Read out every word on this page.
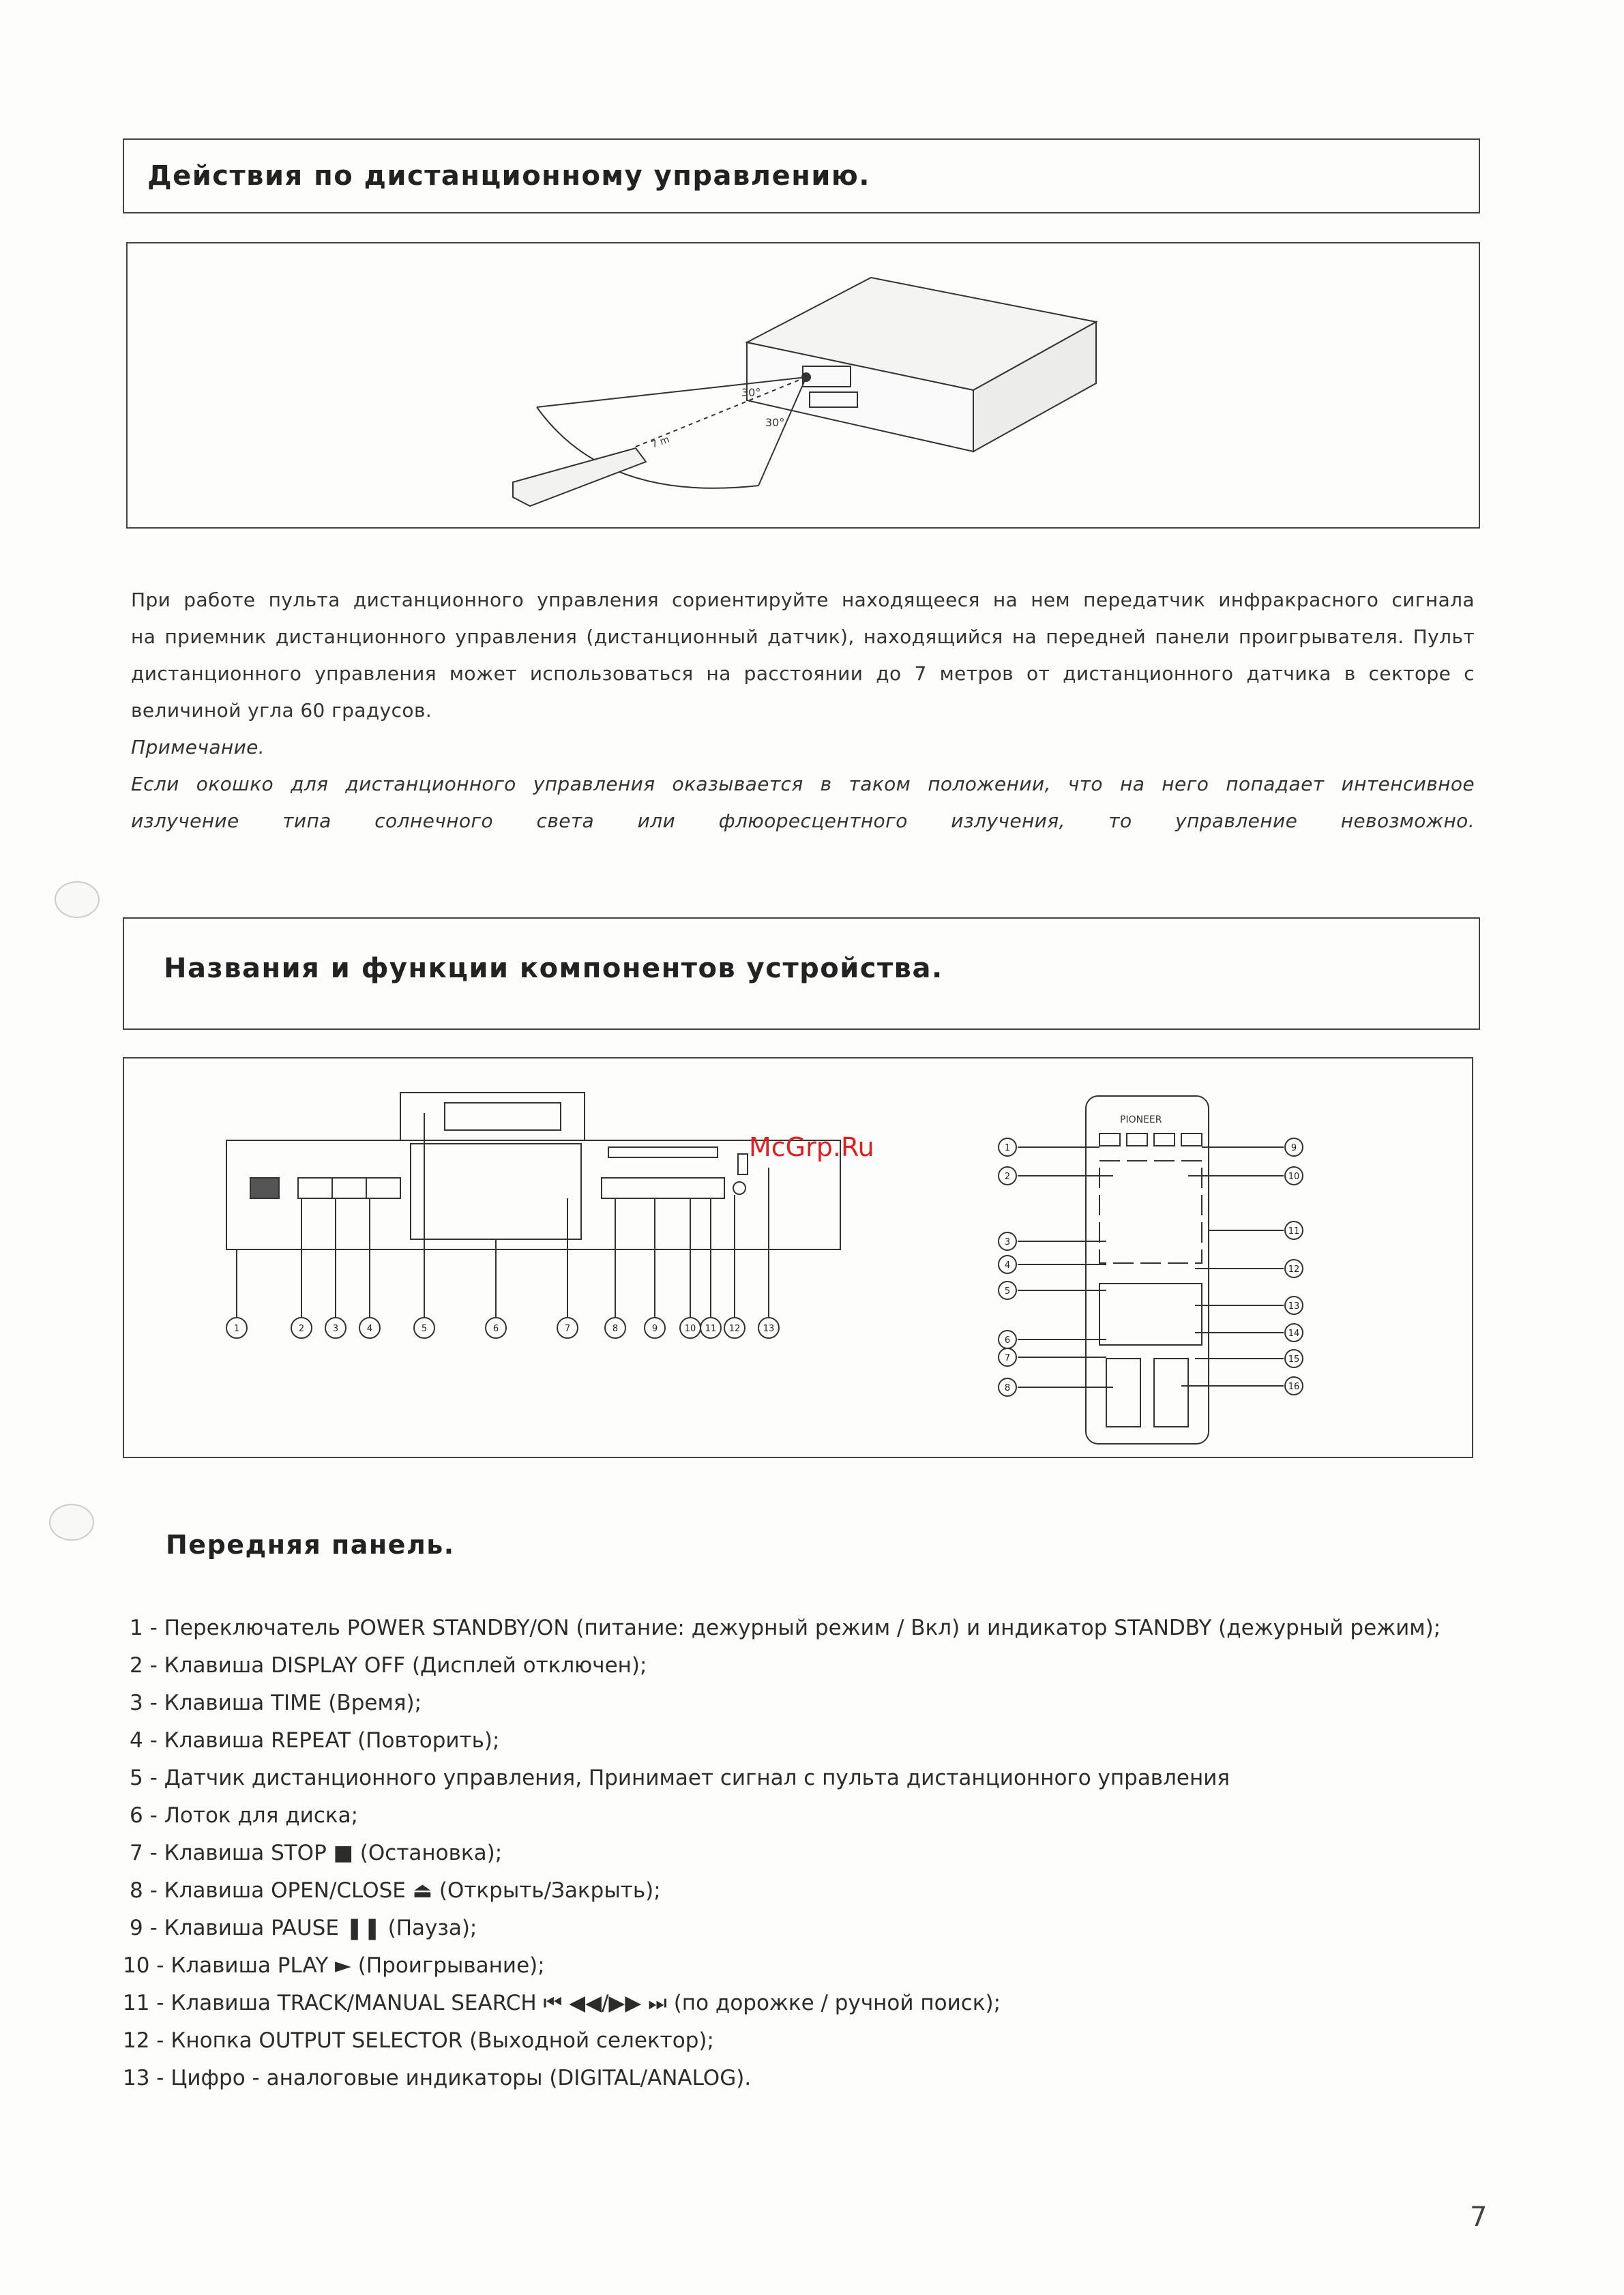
Действия по дистанционному управлению.
30°
30°
7 m
При работе пульта дистанционного управления сориентируйте находящееся на нем передатчик инфракрасного сигнала
на приемник дистанционного управления (дистанционный датчик), находящийся на передней панели проигрывателя. Пульт
дистанционного управления может использоваться на расстоянии до 7 метров от дистанционного датчика в секторе с
величиной угла 60 градусов.
Примечание.
Если окошко для дистанционного управления оказывается в таком положении, что на него попадает интенсивное
излучение типа солнечного света или флюоресцентного излучения, то управление невозможно.
Названия и функции компонентов устройства.
PIONEER
1	2	3	4	5	6	7	8	9	10 11 12	13
1
2
3
4
5
6
7
8
9
10
11
12
13
14
15
16
McGrp.Ru
Передняя панель.
1 - Переключатель POWER STANDBY/ON (питание: дежурный режим / Вкл) и индикатор STANDBY (дежурный режим);
2 - Клавиша DISPLAY OFF (Дисплей отключен);
3 - Клавиша TIME (Время);
4 - Клавиша REPEAT (Повторить);
5 - Датчик дистанционного управления, Принимает сигнал с пульта дистанционного управления
6 - Лоток для диска;
7 - Клавиша STOP ■ (Остановка);
8 - Клавиша OPEN/CLOSE ⏏ (Открыть/Закрыть);
9 - Клавиша PAUSE ❚❚ (Пауза);
10 - Клавиша PLAY ► (Проигрывание);
11 - Клавиша TRACK/MANUAL SEARCH ⏮ ◀◀/▶▶ ⏭ (по дорожке / ручной поиск);
12 - Кнопка OUTPUT SELECTOR (Выходной селектор);
13 - Цифро - аналоговые индикаторы (DIGITAL/ANALOG).
7
